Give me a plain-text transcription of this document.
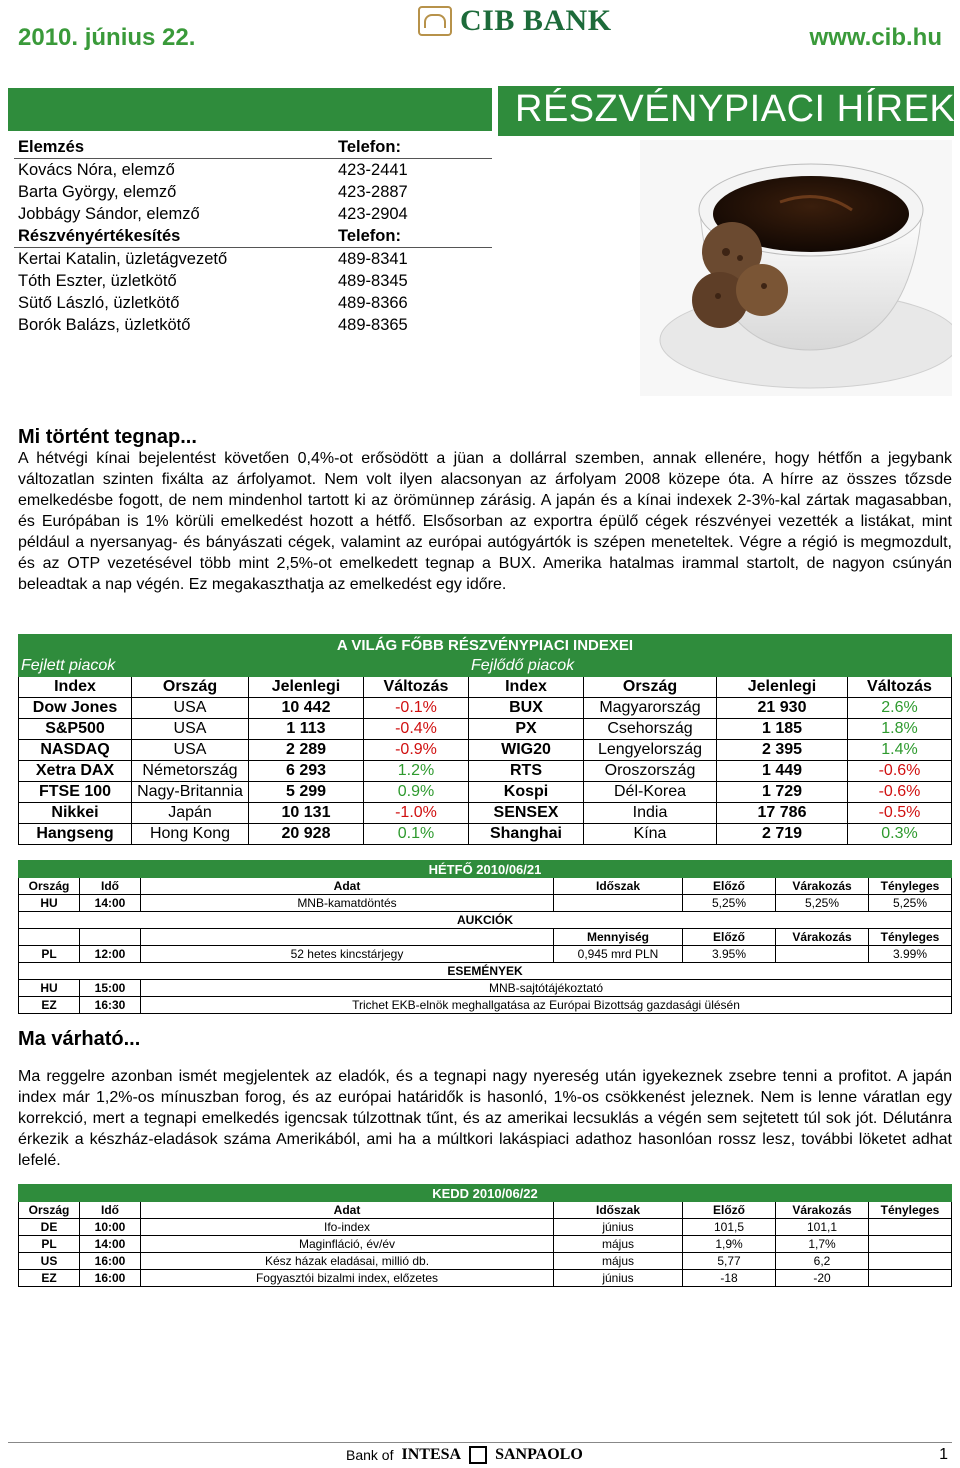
2010. június 22.
CIB BANK
www.cib.hu
RÉSZVÉNYPIACI HÍREK
Elemzés	Telefon:
Kovács Nóra, elemző	423-2441
Barta György, elemző	423-2887
Jobbágy Sándor, elemző	423-2904
Részvényértékesítés	Telefon:
Kertai Katalin, üzletágvezető	489-8341
Tóth Eszter, üzletkötő	489-8345
Sütő László, üzletkötő	489-8366
Borók Balázs, üzletkötő	489-8365
Mi történt tegnap...

A hétvégi kínai bejelentést követően 0,4%-ot erősödött a jüan a dollárral szemben, annak ellenére, hogy hétfőn a jegybank változatlan szinten fixálta az árfolyamot. Nem volt ilyen alacsonyan az árfolyam 2008 közepe óta. A hírre az összes tőzsde emelkedésbe fogott, de nem mindenhol tartott ki az örömünnep zárásig. A japán és a kínai indexek 2-3%-kal zártak magasabban, és Európában is 1% körüli emelkedést hozott a hétfő. Elsősorban az exportra épülő cégek részvényei vezették a listákat, mint például a nyersanyag- és bányászati cégek, valamint az európai autógyártók is szépen meneteltek. Végre a régió is megmozdult, és az OTP vezetésével több mint 2,5%-ot emelkedett tegnap a BUX. Amerika hatalmas irammal startolt, de nagyon csúnyán beleadtak a nap végén. Ez megakaszthatja az emelkedést egy időre.

A VILÁG FŐBB RÉSZVÉNYPIACI INDEXEI							
Fejlett piacok				Fejlődő piacok			
Index	Ország	Jelenlegi	Változás	Index	Ország	Jelenlegi	Változás
Dow Jones	USA	10 442	-0.1%	BUX	Magyarország	21 930	2.6%
S&P500	USA	1 113	-0.4%	PX	Csehország	1 185	1.8%
NASDAQ	USA	2 289	-0.9%	WIG20	Lengyelország	2 395	1.4%
Xetra DAX	Németország	6 293	1.2%	RTS	Oroszország	1 449	-0.6%
FTSE 100	Nagy-Britannia	5 299	0.9%	Kospi	Dél-Korea	1 729	-0.6%
Nikkei	Japán	10 131	-1.0%	SENSEX	India	17 786	-0.5%
Hangseng	Hong Kong	20 928	0.1%	Shanghai	Kína	2 719	0.3%
HÉTFŐ 2010/06/21						
Ország	Idő	Adat	Időszak	Előző	Várakozás	Tényleges
HU	14:00	MNB-kamatdöntés		5,25%	5,25%	5,25%
AUKCIÓK						
			Mennyiség	Előző	Várakozás	Tényleges
PL	12:00	52 hetes kincstárjegy	0,945 mrd PLN	3.95%		3.99%
ESEMÉNYEK						
HU	15:00	MNB-sajtótájékoztató				
EZ	16:30	Trichet EKB-elnök meghallgatása az Európai Bizottság gazdasági ülésén				
Ma várható...

Ma reggelre azonban ismét megjelentek az eladók, és a tegnapi nagy nyereség után igyekeznek zsebre tenni a profitot. A japán index már 1,2%-os mínuszban forog, és az európai határidők is hasonló, 1%-os csökkenést jeleznek. Nem is lenne váratlan egy korrekció, mert a tegnapi emelkedés igencsak túlzottnak tűnt, és az amerikai lecsuklás a végén sem sejtetett túl sok jót. Délutánra érkezik a készház-eladások száma Amerikából, ami ha a múltkori lakáspiaci adathoz hasonlóan rossz lesz, további löketet adhat lefelé.

KEDD 2010/06/22						
Ország	Idő	Adat	Időszak	Előző	Várakozás	Tényleges
DE	10:00	Ifo-index	június	101,5	101,1	
PL	14:00	Maginfláció, év/év	május	1,9%	1,7%	
US	16:00	Kész házak eladásai, millió db.	május	5,77	6,2	
EZ	16:00	Fogyasztói bizalmi index, előzetes	június	-18	-20	
Bank of INTESA SANPAOLO	1
